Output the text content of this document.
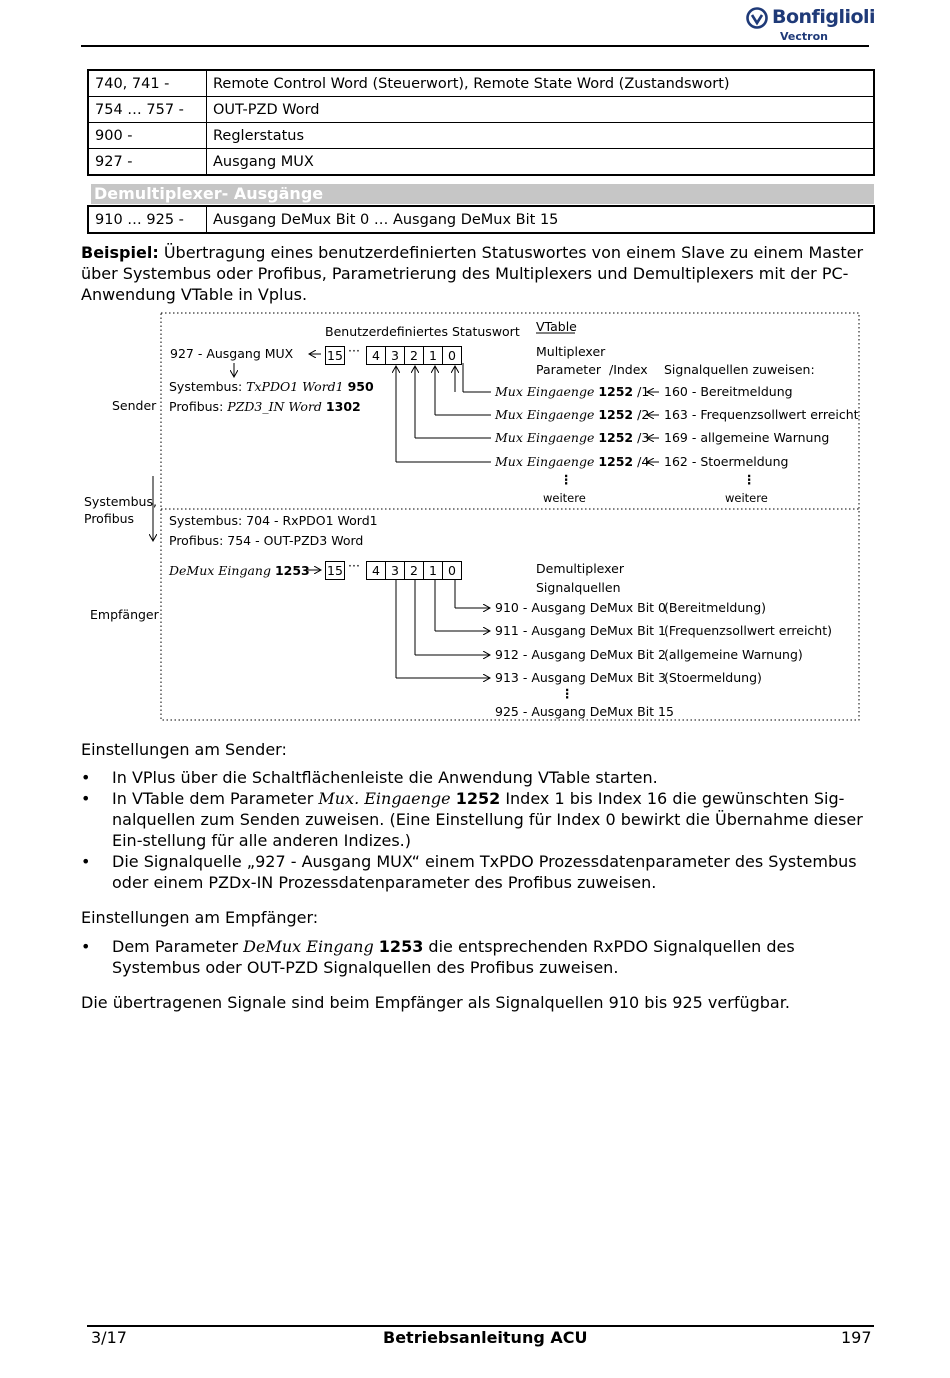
Bonfiglioli
Vectron
740, 741 -	Remote Control Word (Steuerwort), Remote State Word (Zustandswort)
754 … 757 -	OUT-PZD Word
900 -	Reglerstatus
927 -	Ausgang MUX
Demultiplexer- Ausgänge
910 … 925 -	Ausgang DeMux Bit 0 … Ausgang DeMux Bit 15
Beispiel: Übertragung eines benutzerdefinierten Statuswortes von einem Slave zu einem Master über Systembus oder Profibus, Parametrierung des Multiplexers und Demultiplexers mit der PC-Anwendung VTable in Vplus.
Benutzerdefiniertes Statuswort VTable
Sender
Systembus, Profibus
Empfänger
927 - Ausgang MUX
Systembus: TxPDO1 Word1 950
Profibus: PZD3_IN Word 1302
15 ··· 4 3 2 1 0	Multiplexer
Parameter  /Index Signalquellen zuweisen:
Mux Eingaenge 1252 /1 160 - Bereitmeldung
Mux Eingaenge 1252 /2 163 - Frequenzsollwert erreicht
Mux Eingaenge 1252 /3 169 - allgemeine Warnung
Mux Eingaenge 1252 /4 162 - Stoermeldung
⋮	⋮
weitere	weitere
Systembus: 704 - RxPDO1 Word1
Profibus: 754 - OUT-PZD3 Word
DeMux Eingang 1253 15 ··· 4 3 2 1 0	Demultiplexer
Signalquellen
910 - Ausgang DeMux Bit 0
(Bereitmeldung)
911 - Ausgang DeMux Bit 1
(Frequenzsollwert erreicht)
912 - Ausgang DeMux Bit 2
(allgemeine Warnung)
913 - Ausgang DeMux Bit 3
(Stoermeldung)
⋮
925 - Ausgang DeMux Bit 15
Einstellungen am Sender:
• In VPlus über die Schaltflächenleiste die Anwendung VTable starten.
• In VTable dem Parameter Mux. Eingaenge 1252 Index 1 bis Index 16 die gewünschten Sig-nalquellen zum Senden zuweisen. (Eine Einstellung für Index 0 bewirkt die Übernahme dieser Ein-stellung für alle anderen Indizes.)
• Die Signalquelle „927 - Ausgang MUX“ einem TxPDO Prozessdatenparameter des Systembus oder einem PZDx-IN Prozessdatenparameter des Profibus zuweisen.
Einstellungen am Empfänger:
• Dem Parameter DeMux Eingang 1253 die entsprechenden RxPDO Signalquellen des Systembus oder OUT-PZD Signalquellen des Profibus zuweisen.
Die übertragenen Signale sind beim Empfänger als Signalquellen 910 bis 925 verfügbar.
3/17	Betriebsanleitung ACU	197
